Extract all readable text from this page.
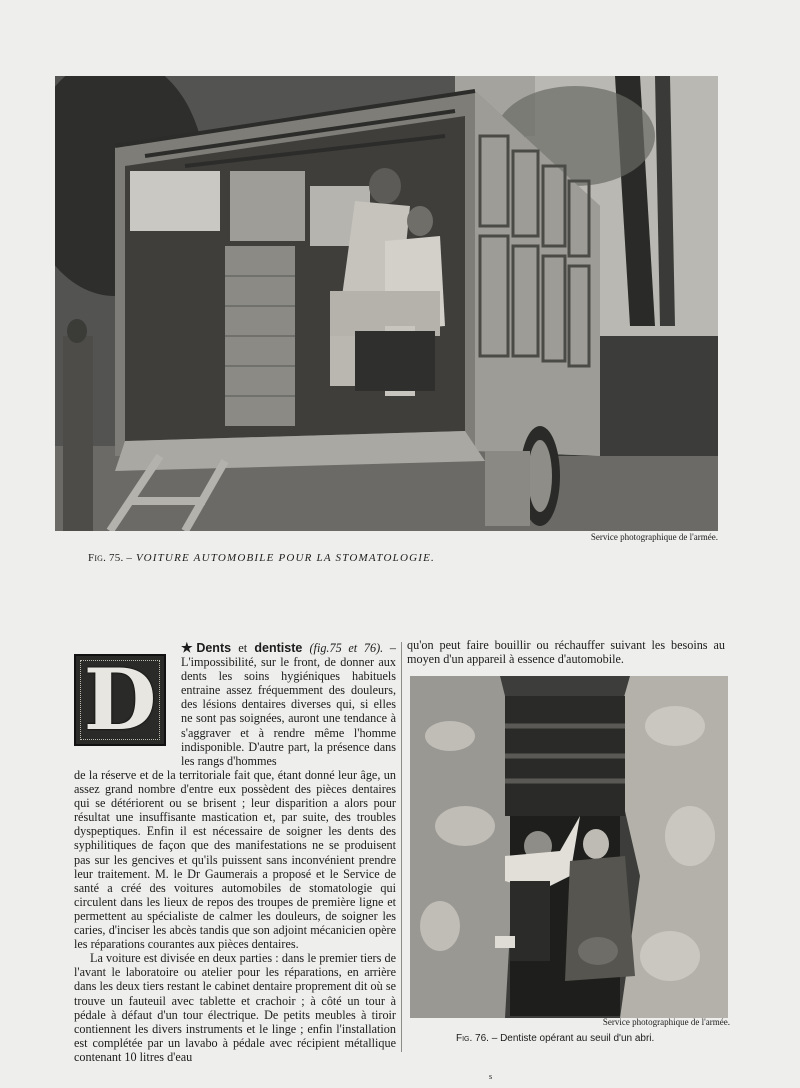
Service photographique de l'armée.
Fig. 75. – VOITURE AUTOMOBILE POUR LA STOMATOLOGIE.
D

★Dents et dentiste (fig.75 et 76). – L'impossibilité, sur le front, de donner aux dents les soins hygiéniques habituels entraine assez fréquemment des douleurs, des lésions dentaires diverses qui, si elles ne sont pas soignées, auront une tendance à s'aggraver et à rendre même l'homme indisponible. D'autre part, la présence dans les rangs d'hommes

de la réserve et de la territoriale fait que, étant donné leur âge, un assez grand nombre d'entre eux possèdent des pièces dentaires qui se détériorent ou se brisent ; leur disparition a alors pour résultat une insuffisante mastication et, par suite, des troubles dyspeptiques. Enfin il est nécessaire de soigner les dents des syphilitiques de façon que des manifestations ne se produisent pas sur les gencives et qu'ils puissent sans inconvénient prendre leur traitement. M. le Dr Gaumerais a proposé et le Service de santé a créé des voitures automobiles de stomatologie qui circulent dans les lieux de repos des troupes de première ligne et permettent au spécialiste de calmer les douleurs, de soigner les caries, d'inciser les abcès tandis que son adjoint mécanicien opère les réparations courantes aux pièces dentaires.

La voiture est divisée en deux parties : dans le premier tiers de l'avant le laboratoire ou atelier pour les réparations, en arrière dans les deux tiers restant le cabinet dentaire proprement dit où se trouve un fauteuil avec tablette et crachoir ; à côté un tour à pédale à défaut d'un tour électrique. De petits meubles à tiroir contiennent les divers instruments et le linge ; enfin l'installation est complétée par un lavabo à pédale avec récipient métallique contenant 10 litres d'eau

qu'on peut faire bouillir ou réchauffer suivant les besoins au moyen d'un appareil à essence d'automobile.

Service photographique de l'armée.
Fig. 76. – Dentiste opérant au seuil d'un abri.
s
